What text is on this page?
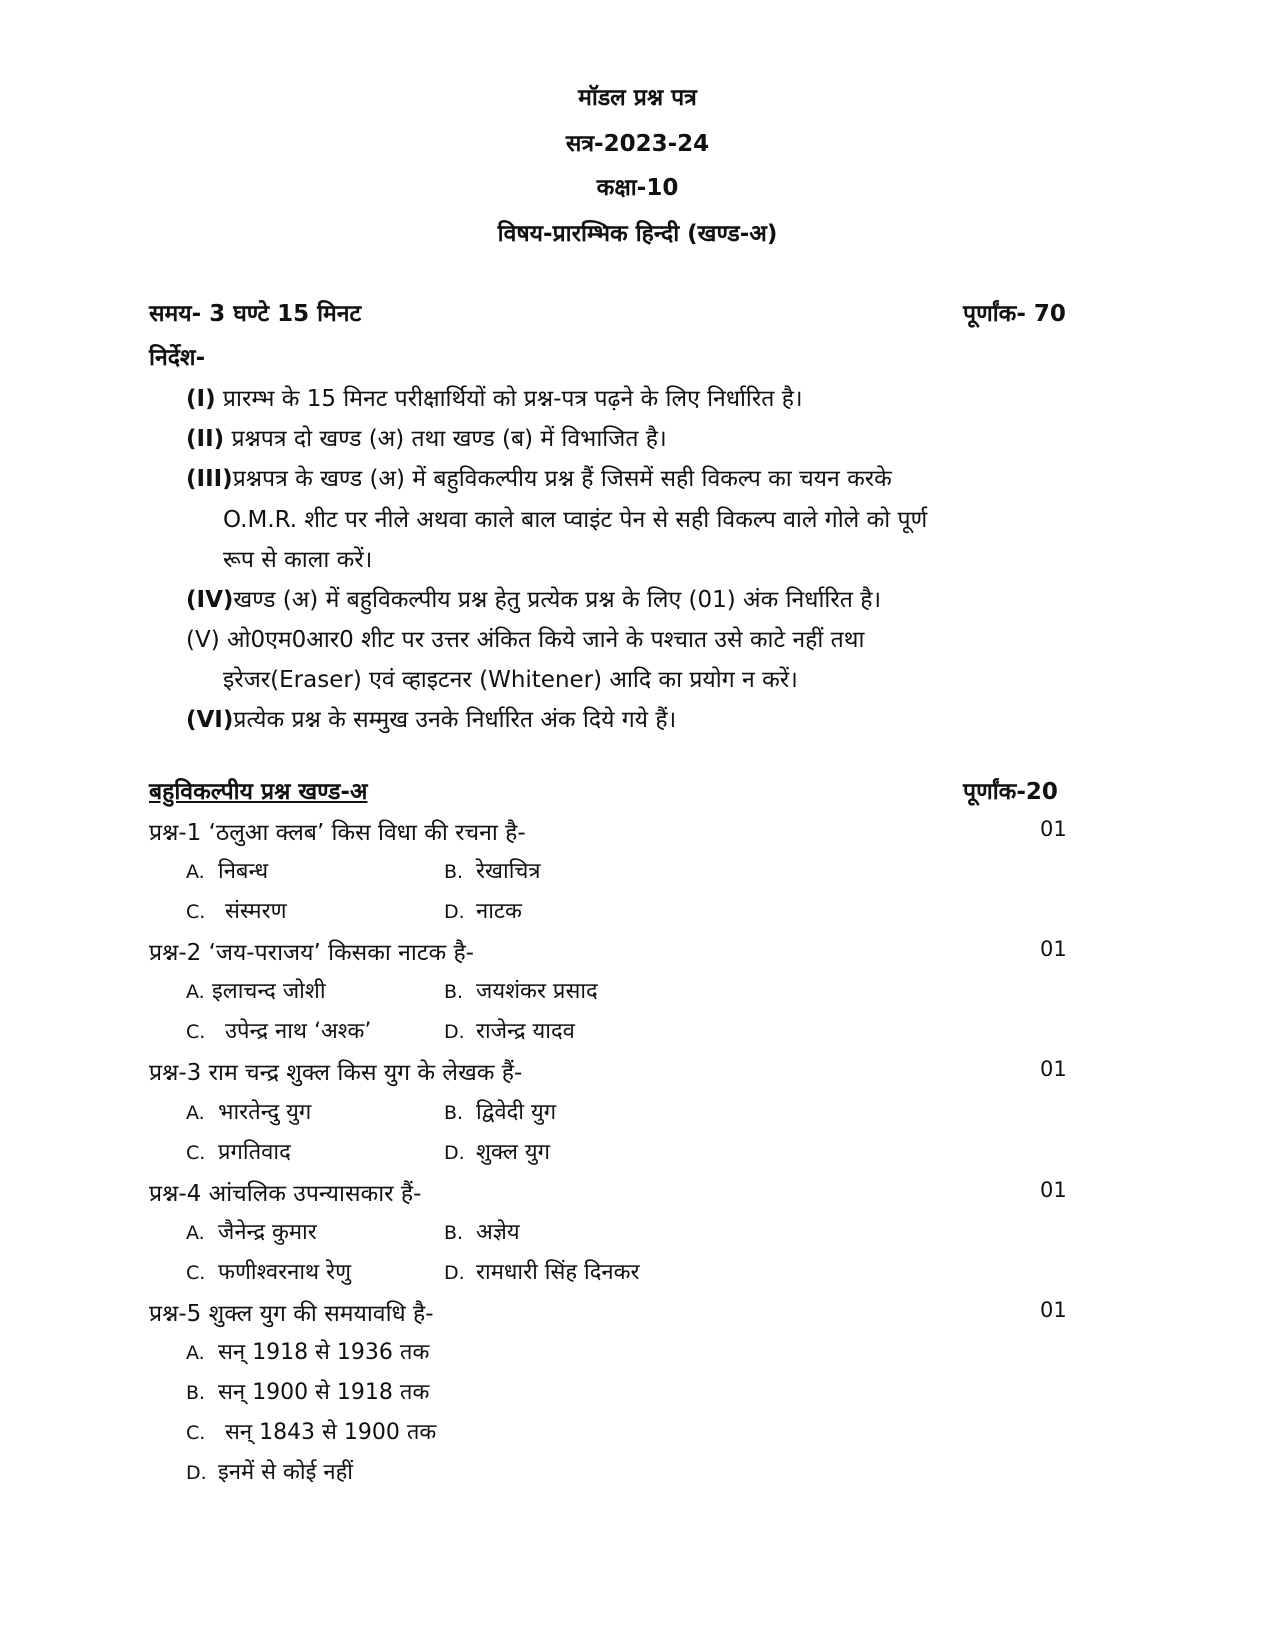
मॉडल प्रश्न पत्र
सत्र-2023-24
कक्षा-10
विषय-प्रारम्भिक हिन्दी (खण्ड-अ)
समय- 3 घण्टे 15 मिनट	पूर्णांक- 70
निर्देश-
(I) प्रारम्भ के 15 मिनट परीक्षार्थियों को प्रश्न-पत्र पढ़ने के लिए निर्धारित है।
(II) प्रश्नपत्र दो खण्ड (अ) तथा खण्ड (ब) में विभाजित है।
(III)प्रश्नपत्र के खण्ड (अ) में बहुविकल्पीय प्रश्न हैं जिसमें सही विकल्प का चयन करके
O.M.R. शीट पर नीले अथवा काले बाल प्वाइंट पेन से सही विकल्प वाले गोले को पूर्ण
रूप से काला करें।
(IV)खण्ड (अ) में बहुविकल्पीय प्रश्न हेतु प्रत्येक प्रश्न के लिए (01) अंक निर्धारित है।
(V) ओ0एम0आर0 शीट पर उत्तर अंकित किये जाने के पश्चात उसे काटे नहीं तथा
इरेजर(Eraser) एवं व्हाइटनर (Whitener) आदि का प्रयोग न करें।
(VI)प्रत्येक प्रश्न के सम्मुख उनके निर्धारित अंक दिये गये हैं।
बहुविकल्पीय प्रश्न खण्ड-अ	पूर्णांक-20
प्रश्न-1 ‘ठलुआ क्लब’ किस विधा की रचना है-	01
A. निबन्ध	B. रेखाचित्र
C. संस्मरण	D. नाटक
प्रश्न-2 ‘जय-पराजय’ किसका नाटक है-	01
A. इलाचन्द जोशी	B. जयशंकर प्रसाद
C. उपेन्द्र नाथ ‘अश्क’	D. राजेन्द्र यादव
प्रश्न-3 राम चन्द्र शुक्ल किस युग के लेखक हैं-	01
A. भारतेन्दु युग	B. द्विवेदी युग
C. प्रगतिवाद	D. शुक्ल युग
प्रश्न-4 आंचलिक उपन्यासकार हैं-	01
A. जैनेन्द्र कुमार	B. अज्ञेय
C. फणीश्वरनाथ रेणु	D. रामधारी सिंह दिनकर
प्रश्न-5 शुक्ल युग की समयावधि है-	01
A. सन् 1918 से 1936 तक
B. सन् 1900 से 1918 तक
C. सन् 1843 से 1900 तक
D. इनमें से कोई नहीं
